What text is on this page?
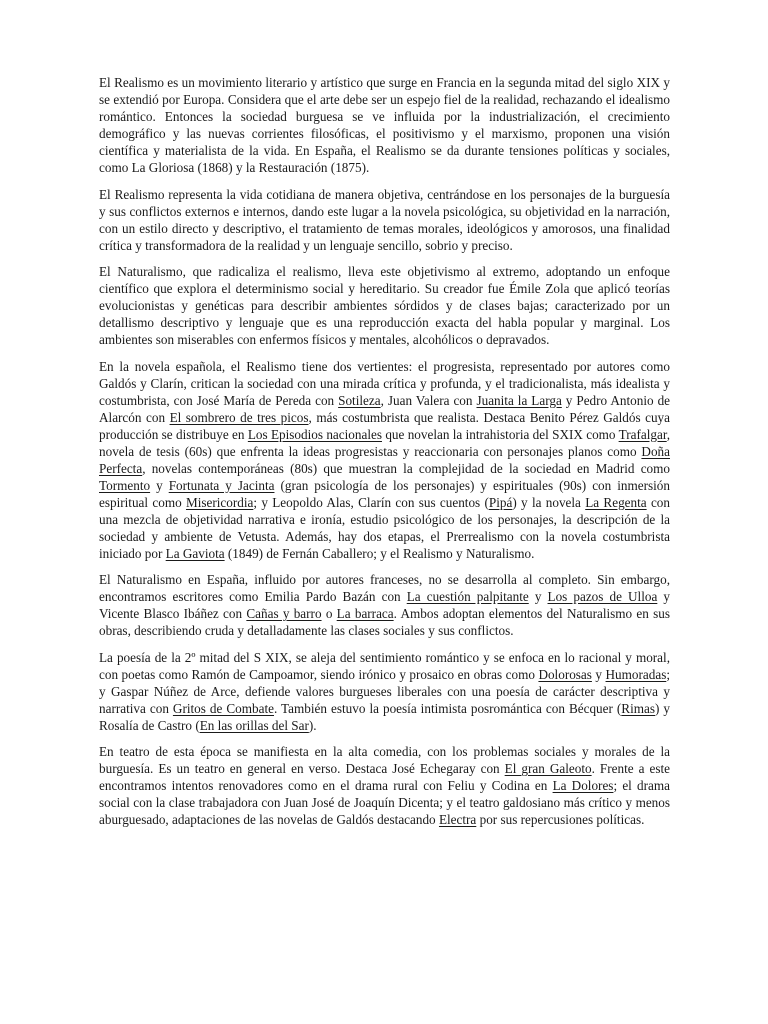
El Realismo es un movimiento literario y artístico que surge en Francia en la segunda mitad del siglo XIX y se extendió por Europa. Considera que el arte debe ser un espejo fiel de la realidad, rechazando el idealismo romántico. Entonces la sociedad burguesa se ve influida por la industrialización, el crecimiento demográfico y las nuevas corrientes filosóficas, el positivismo y el marxismo, proponen una visión científica y materialista de la vida. En España, el Realismo se da durante tensiones políticas y sociales, como La Gloriosa (1868) y la Restauración (1875).

El Realismo representa la vida cotidiana de manera objetiva, centrándose en los personajes de la burguesía y sus conflictos externos e internos, dando este lugar a la novela psicológica, su objetividad en la narración, con un estilo directo y descriptivo, el tratamiento de temas morales, ideológicos y amorosos, una finalidad crítica y transformadora de la realidad y un lenguaje sencillo, sobrio y preciso.

El Naturalismo, que radicaliza el realismo, lleva este objetivismo al extremo, adoptando un enfoque científico que explora el determinismo social y hereditario. Su creador fue Émile Zola que aplicó teorías evolucionistas y genéticas para describir ambientes sórdidos y de clases bajas; caracterizado por un detallismo descriptivo y lenguaje que es una reproducción exacta del habla popular y marginal. Los ambientes son miserables con enfermos físicos y mentales, alcohólicos o depravados.

En la novela española, el Realismo tiene dos vertientes: el progresista, representado por autores como Galdós y Clarín, critican la sociedad con una mirada crítica y profunda, y el tradicionalista, más idealista y costumbrista, con José María de Pereda con Sotileza, Juan Valera con Juanita la Larga y Pedro Antonio de Alarcón con El sombrero de tres picos, más costumbrista que realista. Destaca Benito Pérez Galdós cuya producción se distribuye en Los Episodios nacionales que novelan la intrahistoria del SXIX como Trafalgar, novela de tesis (60s) que enfrenta la ideas progresistas y reaccionaria con personajes planos como Doña Perfecta, novelas contemporáneas (80s) que muestran la complejidad de la sociedad en Madrid como Tormento y Fortunata y Jacinta (gran psicología de los personajes) y espirituales (90s) con inmersión espiritual como Misericordia; y Leopoldo Alas, Clarín con sus cuentos (Pipá) y la novela La Regenta con una mezcla de objetividad narrativa e ironía, estudio psicológico de los personajes, la descripción de la sociedad y ambiente de Vetusta. Además, hay dos etapas, el Prerrealismo con la novela costumbrista iniciado por La Gaviota (1849) de Fernán Caballero; y el Realismo y Naturalismo.

El Naturalismo en España, influido por autores franceses, no se desarrolla al completo. Sin embargo, encontramos escritores como Emilia Pardo Bazán con La cuestión palpitante y Los pazos de Ulloa y Vicente Blasco Ibáñez con Cañas y barro o La barraca. Ambos adoptan elementos del Naturalismo en sus obras, describiendo cruda y detalladamente las clases sociales y sus conflictos.

La poesía de la 2º mitad del S XIX, se aleja del sentimiento romántico y se enfoca en lo racional y moral, con poetas como Ramón de Campoamor, siendo irónico y prosaico en obras como Dolorosas y Humoradas; y Gaspar Núñez de Arce, defiende valores burgueses liberales con una poesía de carácter descriptiva y narrativa con Gritos de Combate. También estuvo la poesía intimista posromántica con Bécquer (Rimas) y Rosalía de Castro (En las orillas del Sar).

En teatro de esta época se manifiesta en la alta comedia, con los problemas sociales y morales de la burguesía. Es un teatro en general en verso. Destaca José Echegaray con El gran Galeoto. Frente a este encontramos intentos renovadores como en el drama rural con Feliu y Codina en La Dolores; el drama social con la clase trabajadora con Juan José de Joaquín Dicenta; y el teatro galdosiano más crítico y menos aburguesado, adaptaciones de las novelas de Galdós destacando Electra por sus repercusiones políticas.
